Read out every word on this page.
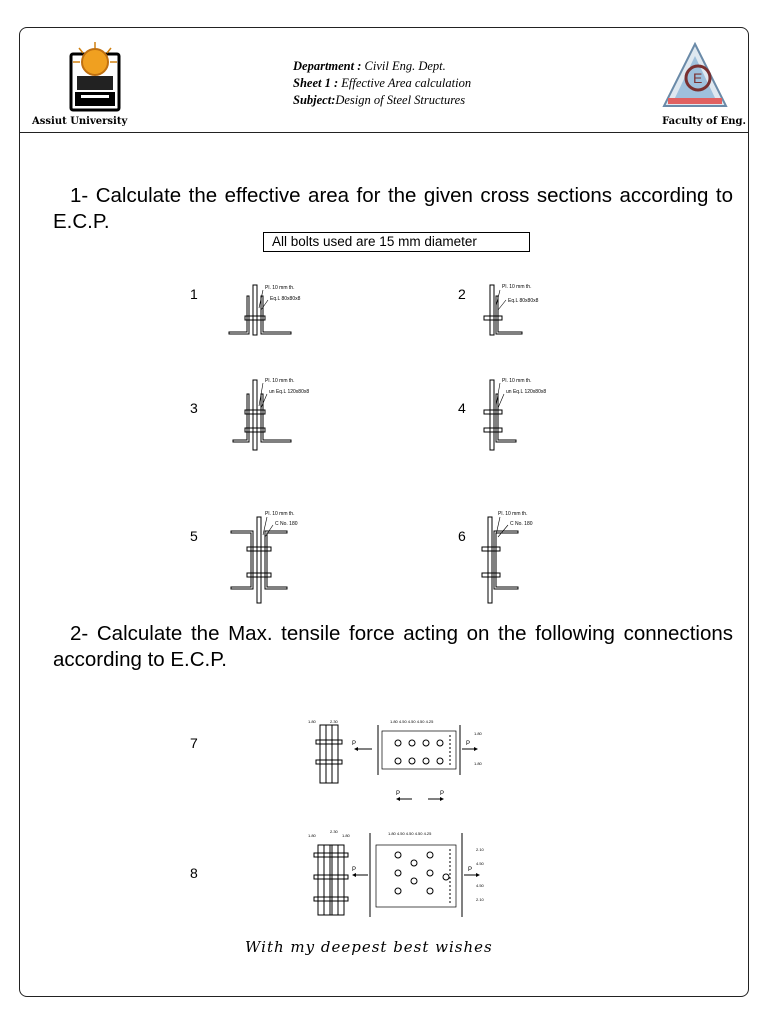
E
Assiut University	Faculty of Eng.
Department : Civil Eng. Dept.
Sheet 1 : Effective Area calculation
Subject:Design of Steel Structures
1- Calculate the effective area for the given cross sections according to E.C.P.
All bolts used are 15 mm diameter
1	2
3	4
5	6
Pl. 10 mm th.
Eq.L 80x80x8
Pl. 10 mm th.
Eq.L 80x80x8
Pl. 10 mm th.
un Eq.L 120x80x8
Pl. 10 mm th.
un Eq.L 120x80x8
Pl. 10 mm th.
C No. 180
Pl. 10 mm th.
C No. 180
2- Calculate the Max. tensile force acting on the following connections according to E.C.P.
7
8
1.80	2.30
P	P
1.80 4.50 4.50 4.50 4.25
1.80
1.80
P	P
1.80
2.30
1.80
P	P
1.80 4.50 4.50 4.50 4.25
2.10
4.50
4.50
2.10
With my deepest best wishes
